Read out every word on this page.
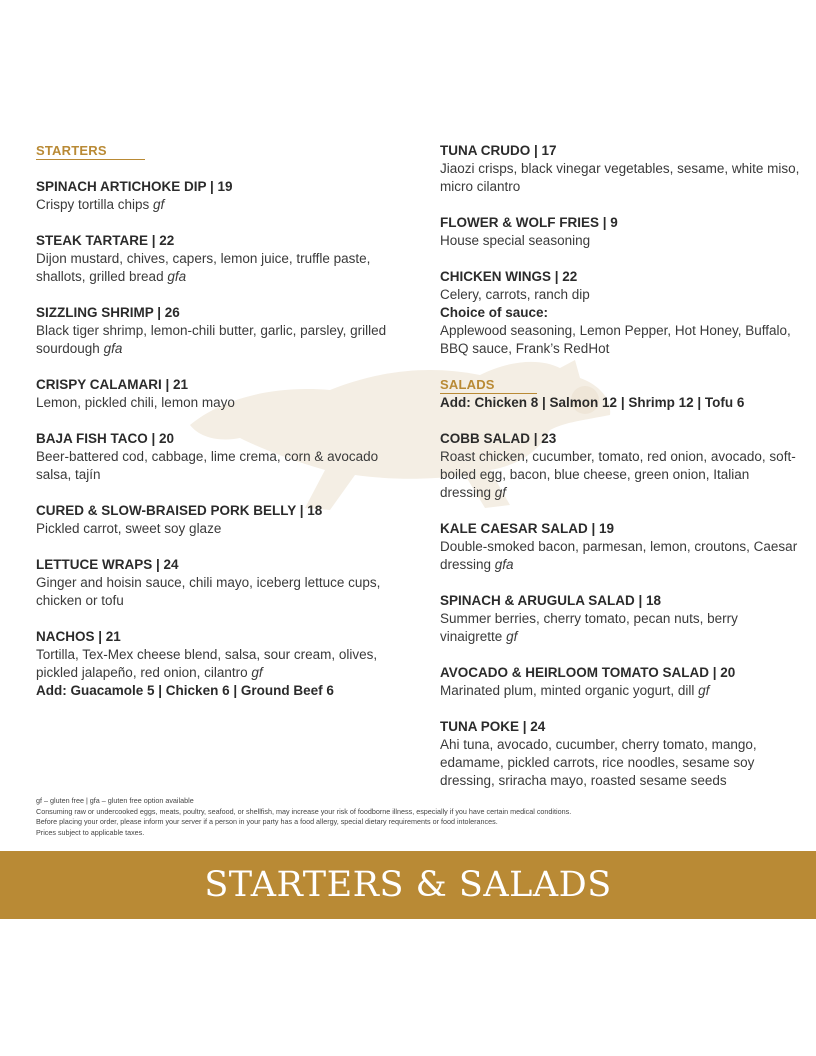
STARTERS
SPINACH ARTICHOKE DIP | 19
Crispy tortilla chips gf
STEAK TARTARE | 22
Dijon mustard, chives, capers, lemon juice, truffle paste, shallots, grilled bread gfa
SIZZLING SHRIMP | 26
Black tiger shrimp, lemon-chili butter, garlic, parsley, grilled sourdough gfa
CRISPY CALAMARI | 21
Lemon, pickled chili, lemon mayo
BAJA FISH TACO | 20
Beer-battered cod, cabbage, lime crema, corn & avocado salsa, tajín
CURED & SLOW-BRAISED PORK BELLY | 18
Pickled carrot, sweet soy glaze
LETTUCE WRAPS | 24
Ginger and hoisin sauce, chili mayo, iceberg lettuce cups, chicken or tofu
NACHOS | 21
Tortilla, Tex-Mex cheese blend, salsa, sour cream, olives, pickled jalapeño, red onion, cilantro gf
Add: Guacamole 5 | Chicken 6 | Ground Beef 6
TUNA CRUDO | 17
Jiaozi crisps, black vinegar vegetables, sesame, white miso, micro cilantro
FLOWER & WOLF FRIES | 9
House special seasoning
CHICKEN WINGS | 22
Celery, carrots, ranch dip
Choice of sauce:
Applewood seasoning, Lemon Pepper, Hot Honey, Buffalo, BBQ sauce, Frank’s RedHot
SALADS
Add: Chicken 8 | Salmon 12 | Shrimp 12 | Tofu 6
COBB SALAD | 23
Roast chicken, cucumber, tomato, red onion, avocado, soft-boiled egg, bacon, blue cheese, green onion, Italian dressing gf
KALE CAESAR SALAD | 19
Double-smoked bacon, parmesan, lemon, croutons, Caesar dressing gfa
SPINACH & ARUGULA SALAD | 18
Summer berries, cherry tomato, pecan nuts, berry vinaigrette gf
AVOCADO & HEIRLOOM TOMATO SALAD | 20
Marinated plum, minted organic yogurt, dill gf
TUNA POKE | 24
Ahi tuna, avocado, cucumber, cherry tomato, mango, edamame, pickled carrots, rice noodles, sesame soy dressing, sriracha mayo, roasted sesame seeds
gf – gluten free | gfa – gluten free option available
Consuming raw or undercooked eggs, meats, poultry, seafood, or shellfish, may increase your risk of foodborne illness, especially if you have certain medical conditions.
Before placing your order, please inform your server if a person in your party has a food allergy, special dietary requirements or food intolerances.
Prices subject to applicable taxes.
STARTERS & SALADS
